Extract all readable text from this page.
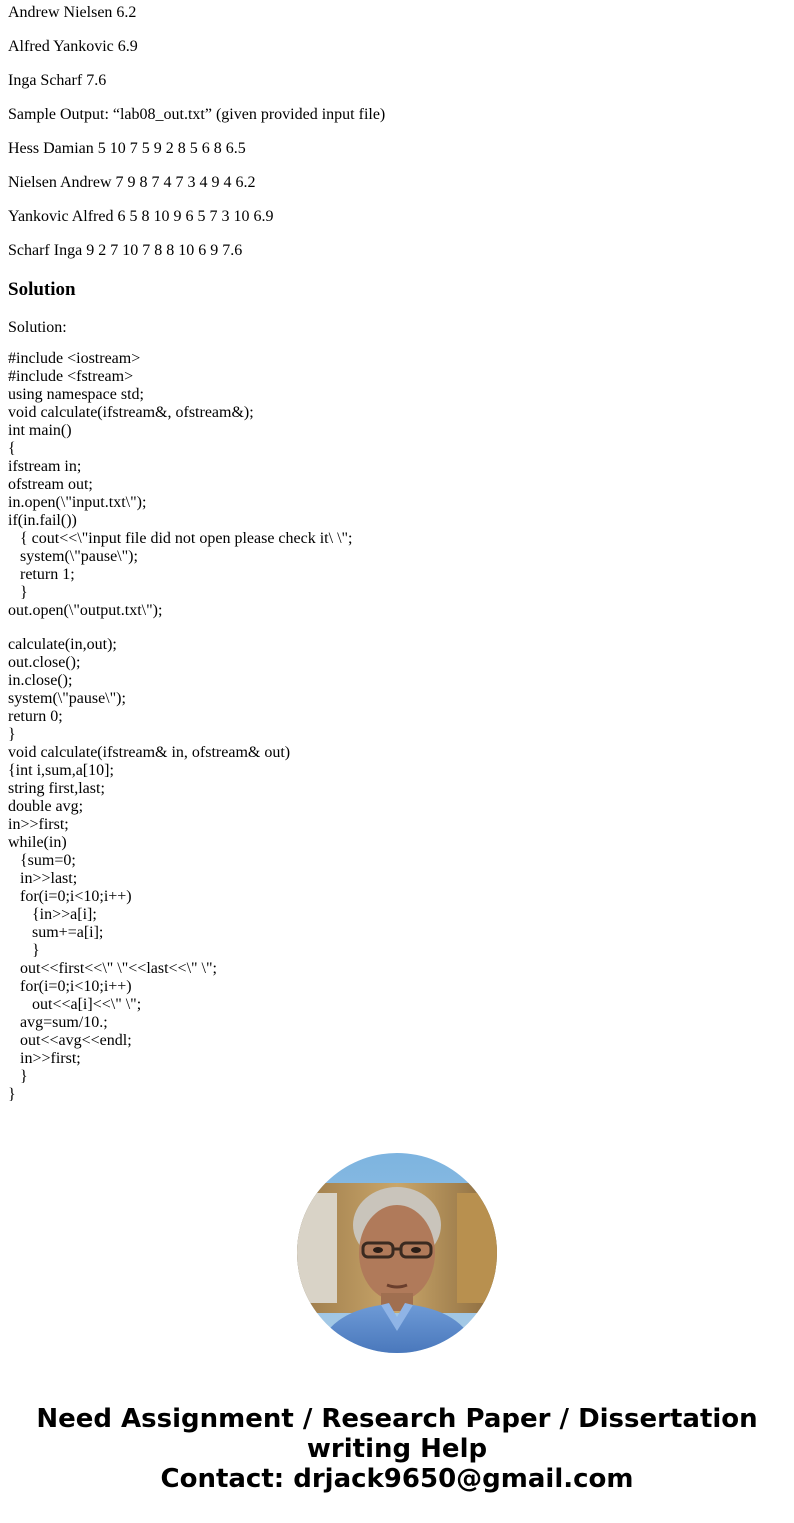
Andrew Nielsen 6.2

Alfred Yankovic 6.9

Inga Scharf 7.6

Sample Output: “lab08_out.txt” (given provided input file)

Hess Damian 5 10 7 5 9 2 8 5 6 8 6.5

Nielsen Andrew 7 9 8 7 4 7 3 4 9 4 6.2

Yankovic Alfred 6 5 8 10 9 6 5 7 3 10 6.9

Scharf Inga 9 2 7 10 7 8 8 10 6 9 7.6

Solution

Solution:

#include <iostream>
#include <fstream>
using namespace std;
void calculate(ifstream&, ofstream&);
int main()
{
ifstream in;
ofstream out;
in.open(\"input.txt\");
if(in.fail())
{ cout<<\"input file did not open please check it\ \";
system(\"pause\");
return 1;
}
out.open(\"output.txt\");
calculate(in,out);
out.close();
in.close();
system(\"pause\");
return 0;
}
void calculate(ifstream& in, ofstream& out)
{int i,sum,a[10];
string first,last;
double avg;
in>>first;
while(in)
{sum=0;
in>>last;
for(i=0;i<10;i++)
{in>>a[i];
sum+=a[i];
}
out<<first<<\" \"<<last<<\" \";
for(i=0;i<10;i++)
out<<a[i]<<\" \";
avg=sum/10.;
out<<avg<<endl;
in>>first;
}
}
Need Assignment / Research Paper / Dissertation
writing Help
Contact: drjack9650@gmail.com
